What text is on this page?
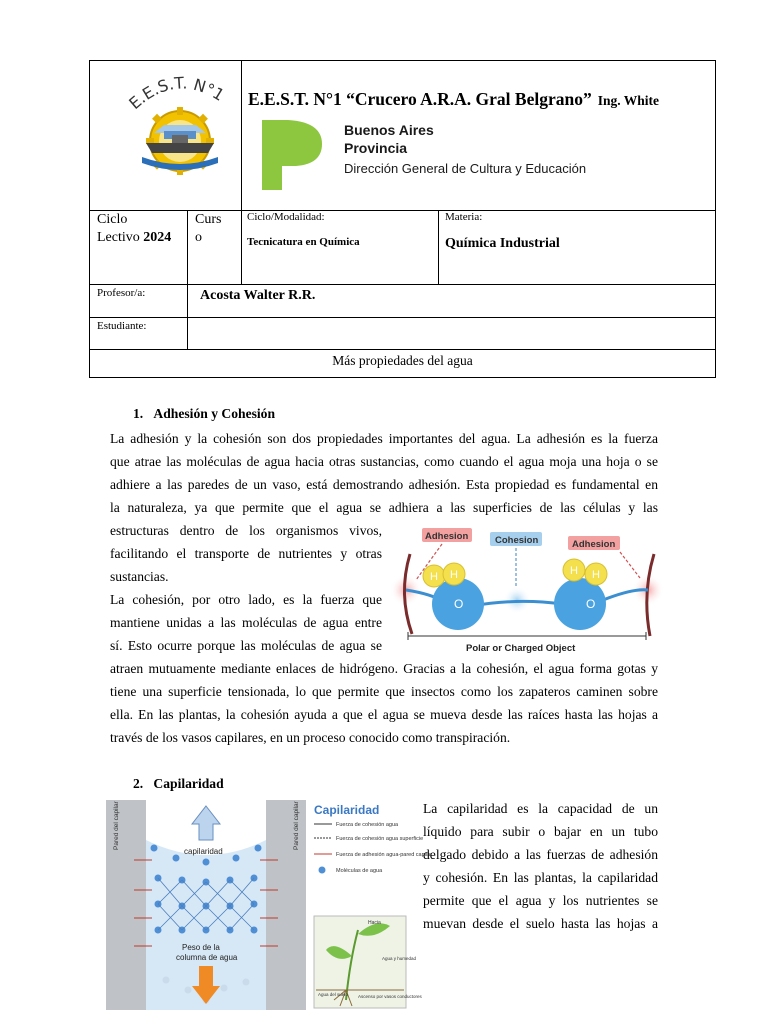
E.E.S.T. N°1 E.E.S.T. N°1 “Crucero A.R.A. Gral Belgrano” Ing. White
Buenos Aires
Provincia
Dirección General de Cultura y Educación
Ciclo
Lectivo 2024
Curs
o
Ciclo/Modalidad:
Tecnicatura en Química
Materia:
Química Industrial
Profesor/a:	Acosta Walter R.R.
Estudiante:
Más propiedades del agua
1. Adhesión y Cohesión
La adhesión y la cohesión son dos propiedades importantes del agua. La adhesión es la fuerza
que atrae las moléculas de agua hacia otras sustancias, como cuando el agua moja una hoja o se
adhiere a las paredes de un vaso, está demostrando adhesión. Esta propiedad es fundamental en
la naturaleza, ya que permite que el agua se adhiera a las superficies de las células y las
estructuras dentro de los organismos vivos,
facilitando el transporte de nutrientes y otras
sustancias.
La cohesión, por otro lado, es la fuerza que
mantiene unidas a las moléculas de agua entre
sí. Esto ocurre porque las moléculas de agua se
H H
O
H H
O
Adhesion	Cohesion	Adhesion
Polar or Charged Object
atraen mutuamente mediante enlaces de hidrógeno. Gracias a la cohesión, el agua forma gotas y
tiene una superficie tensionada, lo que permite que insectos como los zapateros caminen sobre
ella. En las plantas, la cohesión ayuda a que el agua se mueva desde las raíces hasta las hojas a
través de los vasos capilares, en un proceso conocido como transpiración.
2. Capilaridad
Pared del capilar	Pared del capilar
capilaridad
Peso de la
columna de agua
Capilaridad
Fuerza de cohesión agua
Fuerza de cohesión agua superficie
Fuerza de adhesión agua-pared capilar
Moléculas de agua
Hacia
Agua y humedad
Agua del suelo Ascenso por vasos conductores
La capilaridad es la capacidad de un
líquido para subir o bajar en un tubo
delgado debido a las fuerzas de adhesión
y cohesión. En las plantas, la capilaridad
permite que el agua y los nutrientes se
muevan desde el suelo hasta las hojas a
